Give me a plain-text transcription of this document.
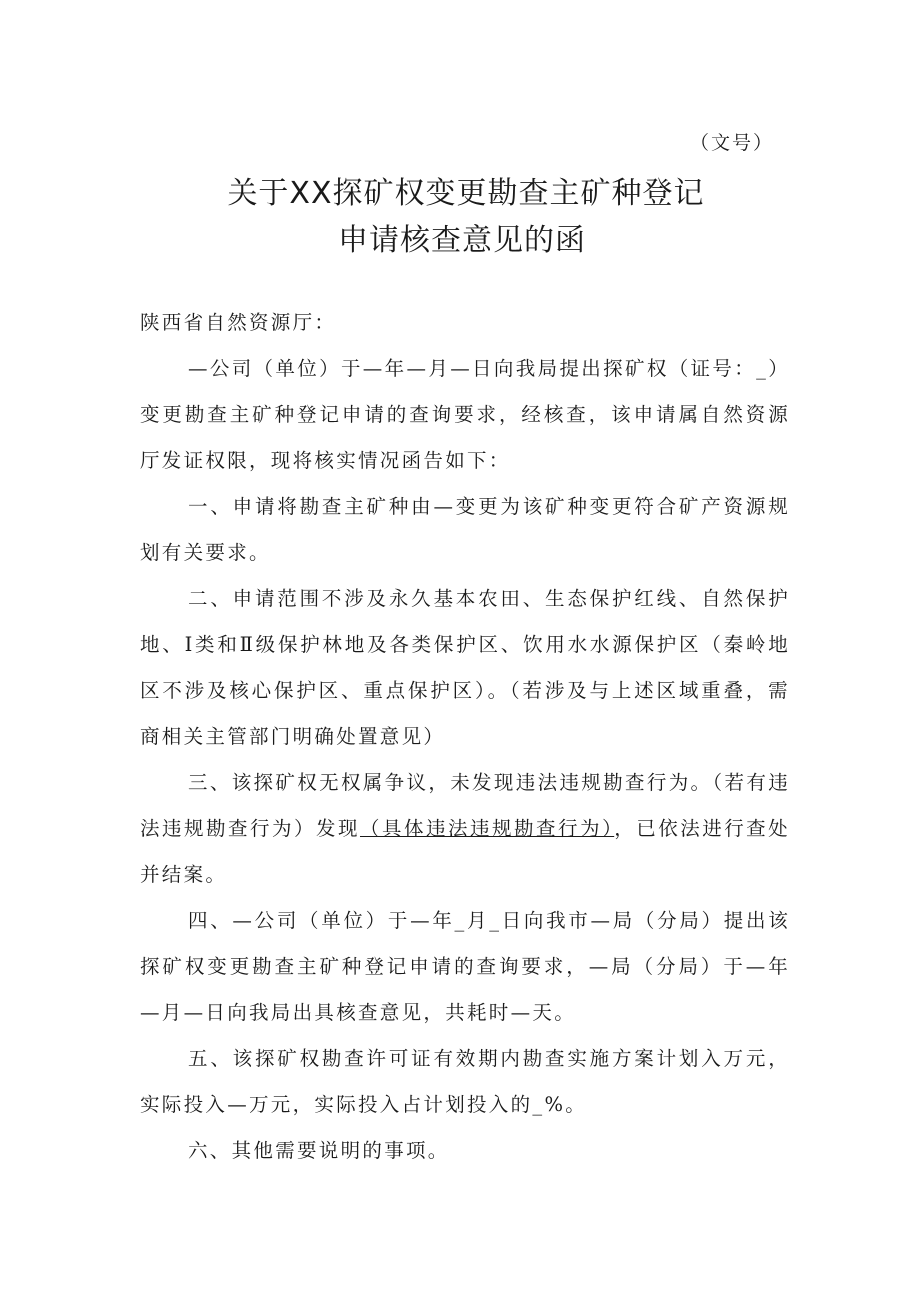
（文号）
关于XX探矿权变更勘查主矿种登记
申请核查意见的函
陕西省自然资源厅：

—公司（单位）于—年—月—日向我局提出探矿权（证号：_）变更勘查主矿种登记申请的查询要求，经核查，该申请属自然资源厅发证权限，现将核实情况函告如下：

一、申请将勘查主矿种由—变更为该矿种变更符合矿产资源规划有关要求。

二、申请范围不涉及永久基本农田、生态保护红线、自然保护地、Ⅰ类和Ⅱ级保护林地及各类保护区、饮用水水源保护区（秦岭地区不涉及核心保护区、重点保护区）。（若涉及与上述区域重叠，需商相关主管部门明确处置意见）

三、该探矿权无权属争议，未发现违法违规勘查行为。（若有违法违规勘查行为）发现（具体违法违规勘查行为），已依法进行查处并结案。

四、—公司（单位）于—年_月_日向我市—局（分局）提出该探矿权变更勘查主矿种登记申请的查询要求，—局（分局）于—年—月—日向我局出具核查意见，共耗时—天。

五、该探矿权勘查许可证有效期内勘查实施方案计划入万元，实际投入—万元，实际投入占计划投入的_%。

六、其他需要说明的事项。
